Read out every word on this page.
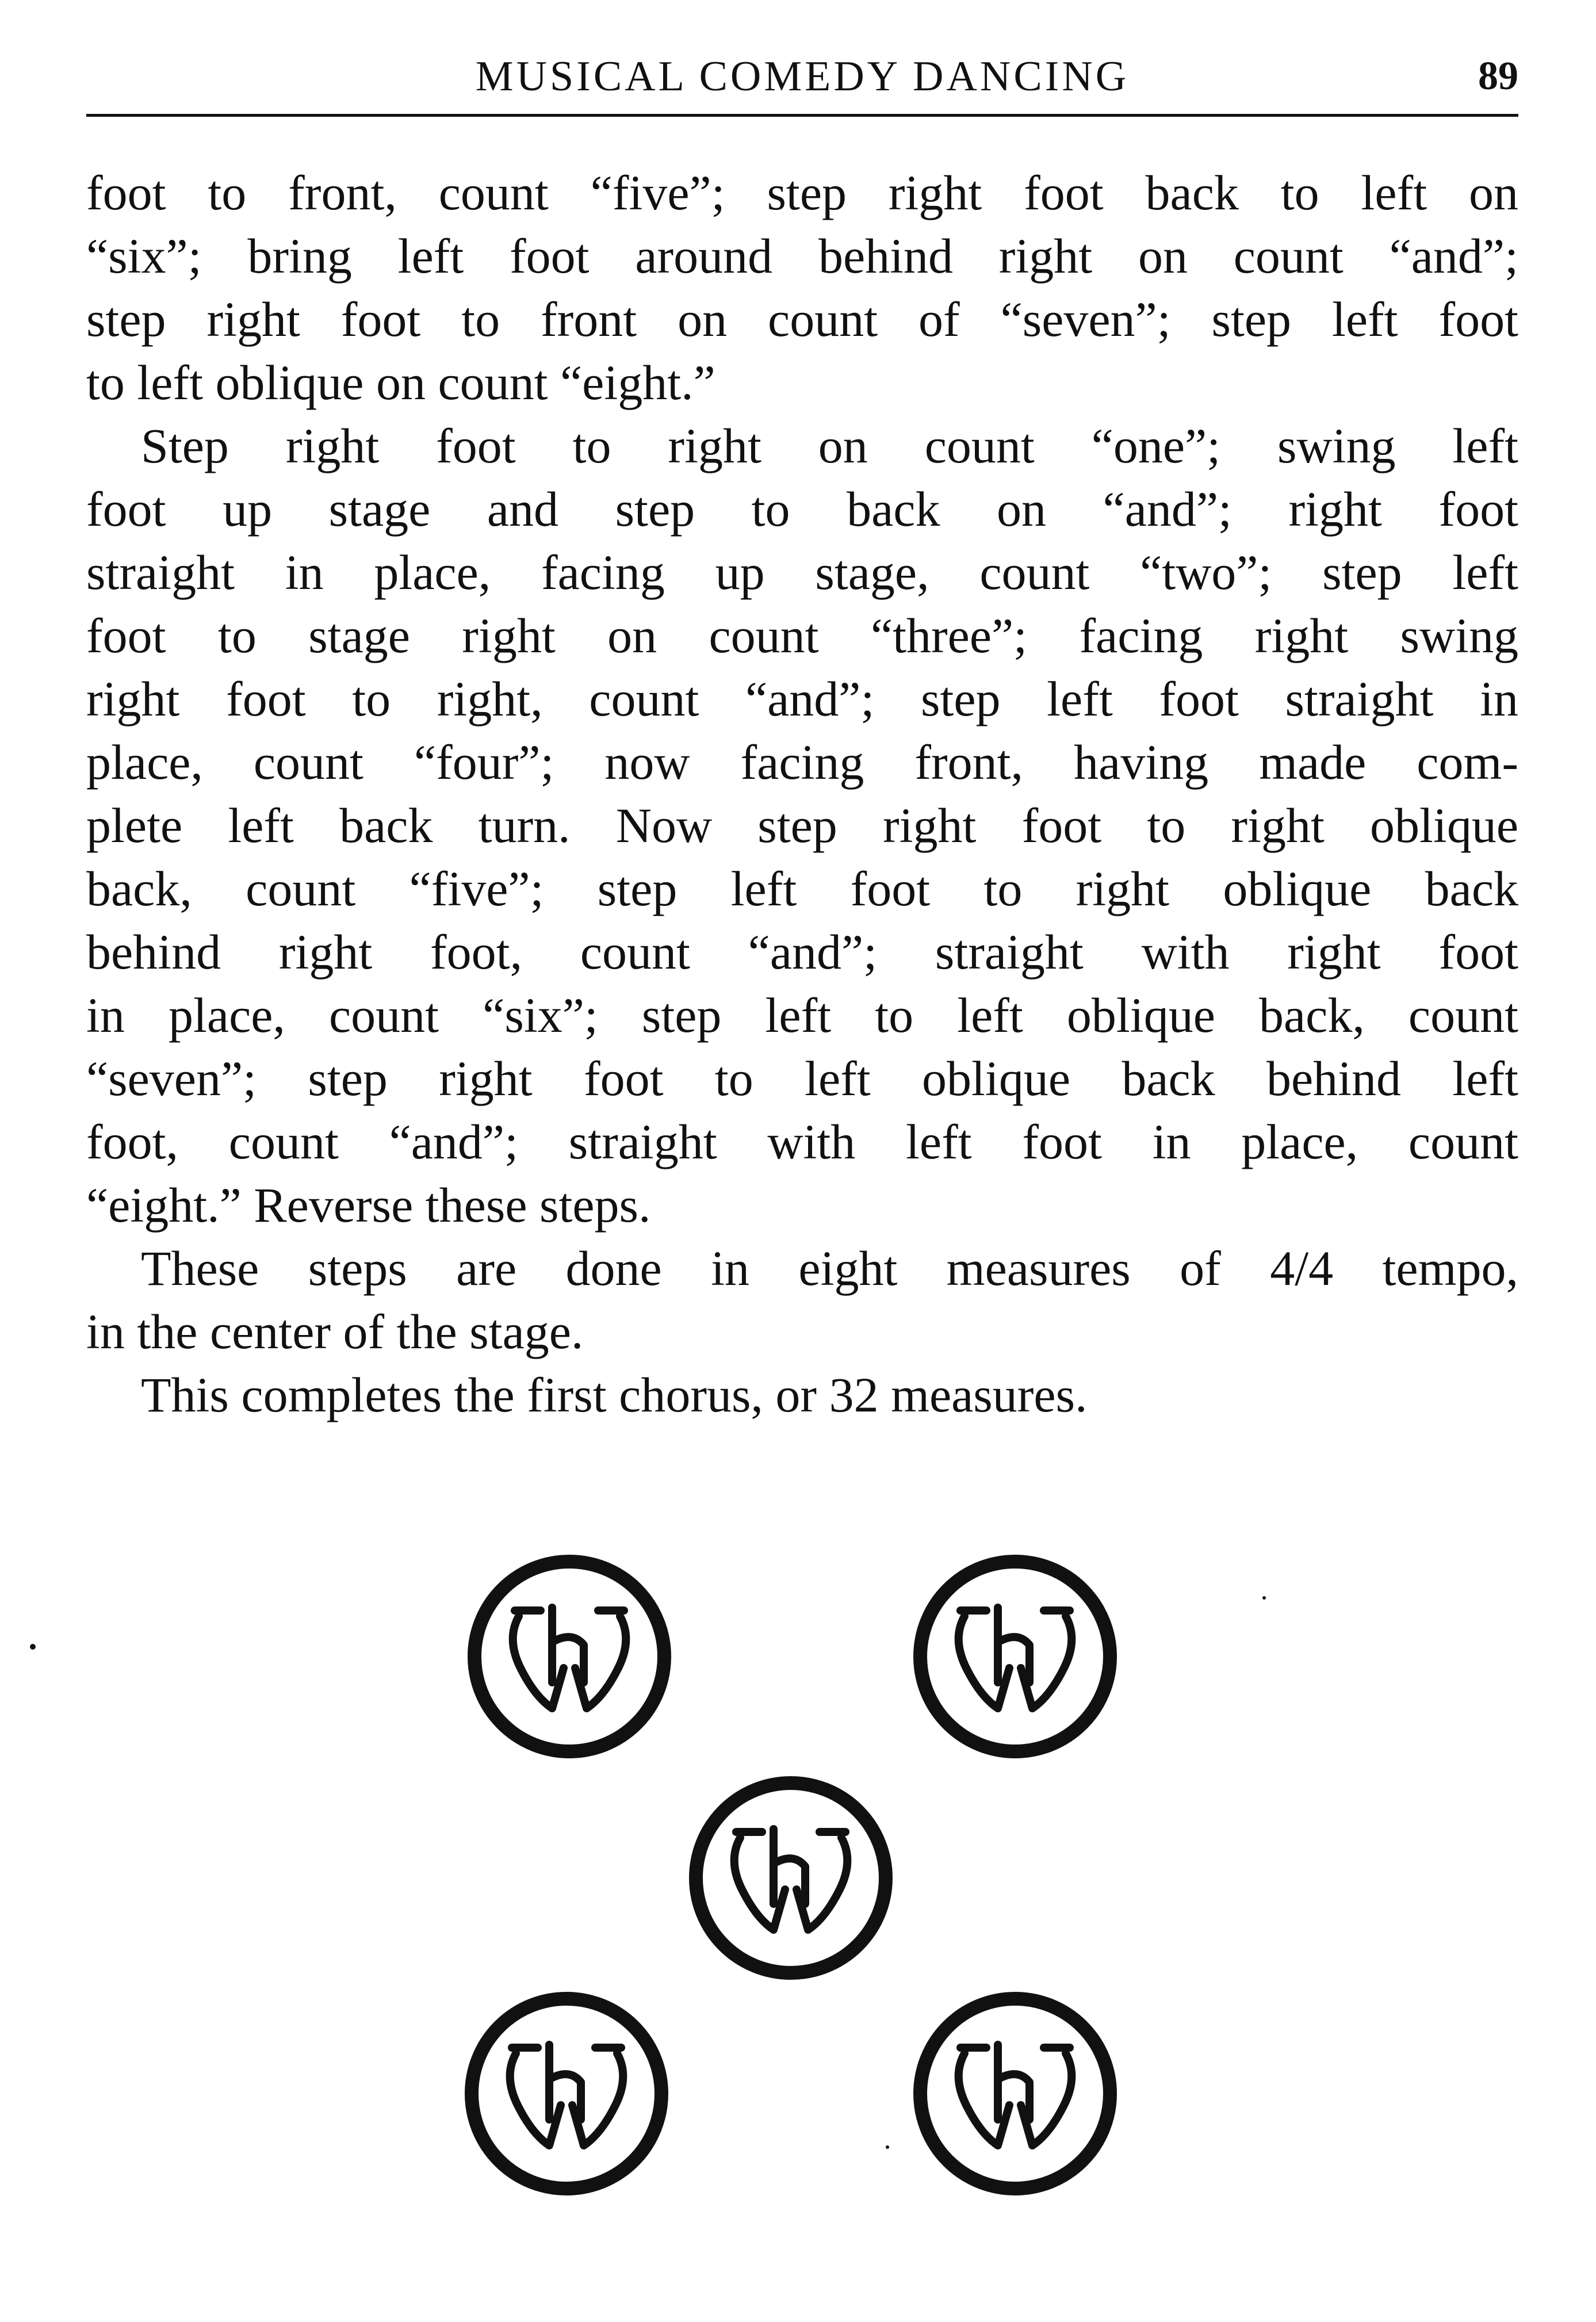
MUSICAL COMEDY DANCING	89

foot to front, count “five”; step right foot back to left on
“six”; bring left foot around behind right on count “and”;
step right foot to front on count of “seven”; step left foot
to left oblique on count “eight.”

Step right foot to right on count “one”; swing left
foot up stage and step to back on “and”; right foot
straight in place, facing up stage, count “two”; step left
foot to stage right on count “three”; facing right swing
right foot to right, count “and”; step left foot straight in
place, count “four”; now facing front, having made com-
plete left back turn. Now step right foot to right oblique
back, count “five”; step left foot to right oblique back
behind right foot, count “and”; straight with right foot
in place, count “six”; step left to left oblique back, count
“seven”; step right foot to left oblique back behind left
foot, count “and”; straight with left foot in place, count
“eight.” Reverse these steps.

These steps are done in eight measures of 4/4 tempo,
in the center of the stage.

This completes the first chorus, or 32 measures.
